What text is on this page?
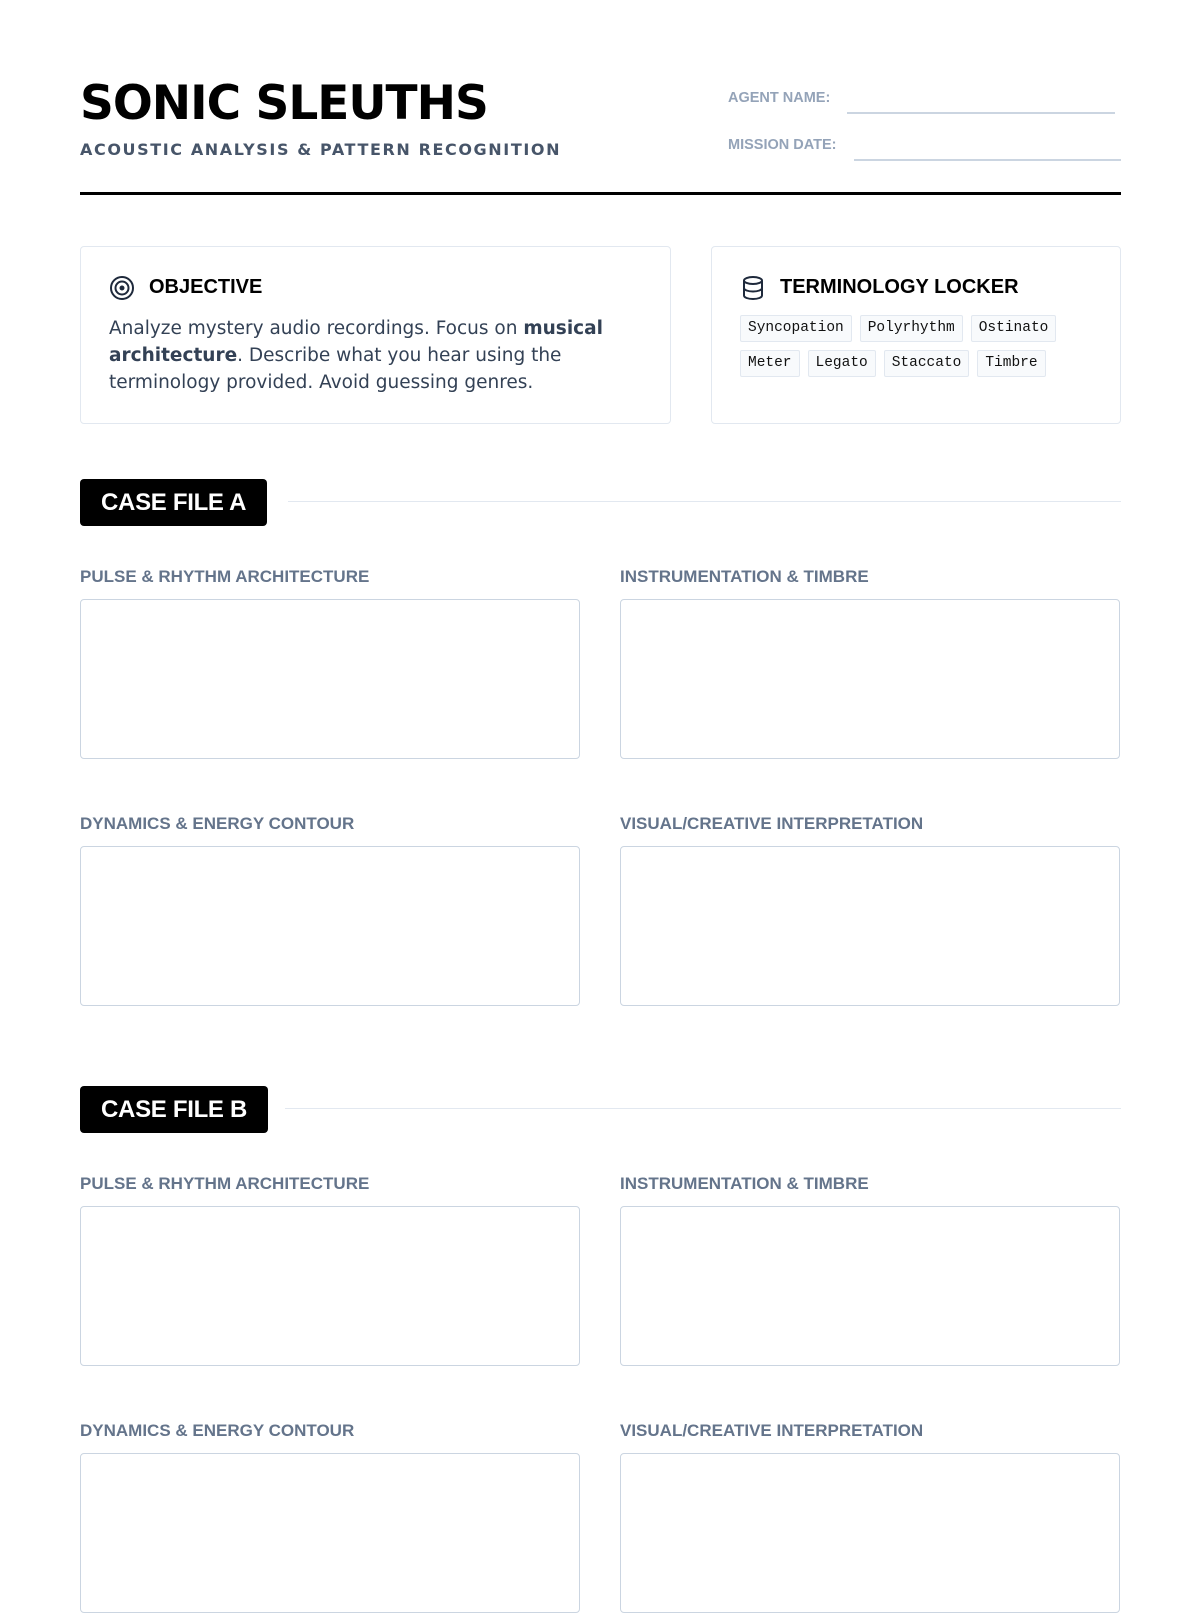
SONIC SLEUTHS
ACOUSTIC ANALYSIS & PATTERN RECOGNITION
AGENT NAME:
MISSION DATE:
OBJECTIVE
Analyze mystery audio recordings. Focus on musical architecture. Describe what you hear using the terminology provided. Avoid guessing genres.
TERMINOLOGY LOCKER
Syncopation	Polyrhythm	Ostinato
Meter	Legato	Staccato	Timbre
CASE FILE A
PULSE & RHYTHM ARCHITECTURE	INSTRUMENTATION & TIMBRE
DYNAMICS & ENERGY CONTOUR	VISUAL/CREATIVE INTERPRETATION
CASE FILE B
PULSE & RHYTHM ARCHITECTURE	INSTRUMENTATION & TIMBRE
DYNAMICS & ENERGY CONTOUR	VISUAL/CREATIVE INTERPRETATION
